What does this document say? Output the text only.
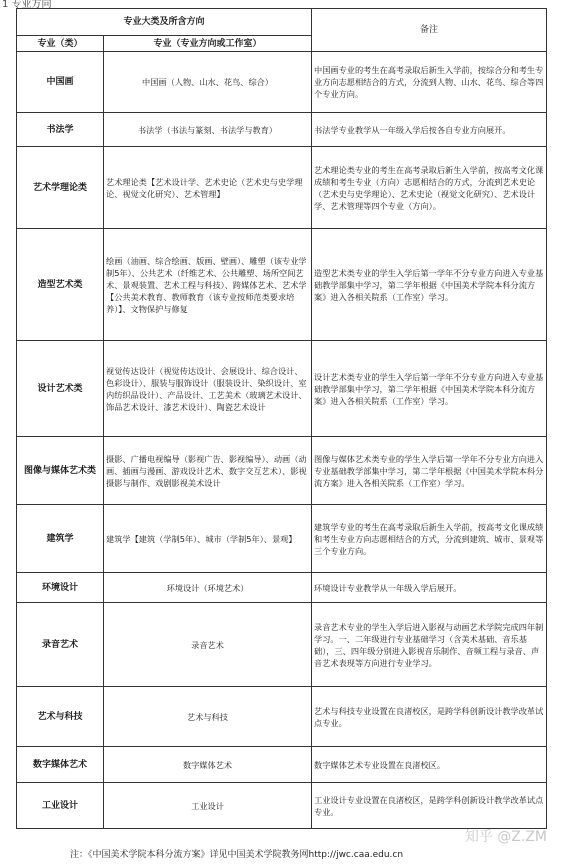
1 专业方向
专业大类及所含方向		备注
专业（类）	专业（专业方向或工作室）	
中国画	中国画（人物、山水、花鸟、综合）	中国画专业的考生在高考录取后新生入学前，按综合分和考生专业方向志愿相结合的方式，分流到人物、山水、花鸟、综合等四个专业方向。
书法学	书法学（书法与篆刻、书法学与教育）	书法学专业教学从一年级入学后按各自专业方向展开。
艺术学理论类	艺术理论类【艺术设计学、艺术史论（艺术史与史学理论、视觉文化研究）、艺术管理】	艺术理论类专业的考生在高考录取后新生入学前，按高考文化课成绩和考生专业（方向）志愿相结合的方式，分流到艺术史论（艺术史与史学理论）、艺术史论（视觉文化研究）、艺术设计学、艺术管理等四个专业（方向）。
造型艺术类	绘画（油画、综合绘画、版画、壁画）、雕塑（该专业学制5年）、公共艺术（纤维艺术、公共雕塑、场所空间艺术、景观装置、艺术工程与科技）、跨媒体艺术、艺术学【公共美术教育、教师教育（该专业按师范类要求培养）】、文物保护与修复	造型艺术类专业的学生入学后第一学年不分专业方向进入专业基础教学部集中学习，第二学年根据《中国美术学院本科分流方案》进入各相关院系（工作室）学习。
设计艺术类	视觉传达设计（视觉传达设计、会展设计、综合设计、色彩设计）、服装与服饰设计（服装设计、染织设计、室内纺织品设计）、产品设计、工艺美术（玻璃艺术设计、饰品艺术设计、漆艺术设计）、陶瓷艺术设计	设计艺术类专业的学生入学后第一学年不分专业方向进入专业基础教学部集中学习，第二学年根据《中国美术学院本科分流方案》进入各相关院系（工作室）学习。
图像与媒体艺术类	摄影、广播电视编导（影视广告、影视编导）、动画（动画、插画与漫画、游戏设计艺术、数字交互艺术）、影视摄影与制作、戏剧影视美术设计	图像与媒体艺术类专业的学生入学后第一学年不分专业方向进入专业基础教学部集中学习，第二学年根据《中国美术学院本科分流方案》进入各相关院系（工作室）学习。
建筑学	建筑学【建筑（学制5年）、城市（学制5年）、景观】	建筑学专业的考生在高考录取后新生入学前，按高考文化课成绩和考生专业方向志愿相结合的方式，分流到建筑、城市、景观等三个专业方向。
环境设计	环境设计（环境艺术）	环境设计专业教学从一年级入学后展开。
录音艺术	录音艺术	录音艺术专业的学生入学后进入影视与动画艺术学院完成四年制学习。一、二年级进行专业基础学习（含美术基础、音乐基础），三、四年级分别进入影视音乐制作、音频工程与录音、声音艺术表现等方向进行专业学习。
艺术与科技	艺术与科技	艺术与科技专业设置在良渚校区，是跨学科创新设计教学改革试点专业。
数字媒体艺术	数字媒体艺术	数字媒体艺术专业设置在良渚校区。
工业设计	工业设计	工业设计专业设置在良渚校区，是跨学科创新设计教学改革试点专业。
知乎 @Z.ZM
注：《中国美术学院本科分流方案》详见中国美术学院教务网http://jwc.caa.edu.cn
